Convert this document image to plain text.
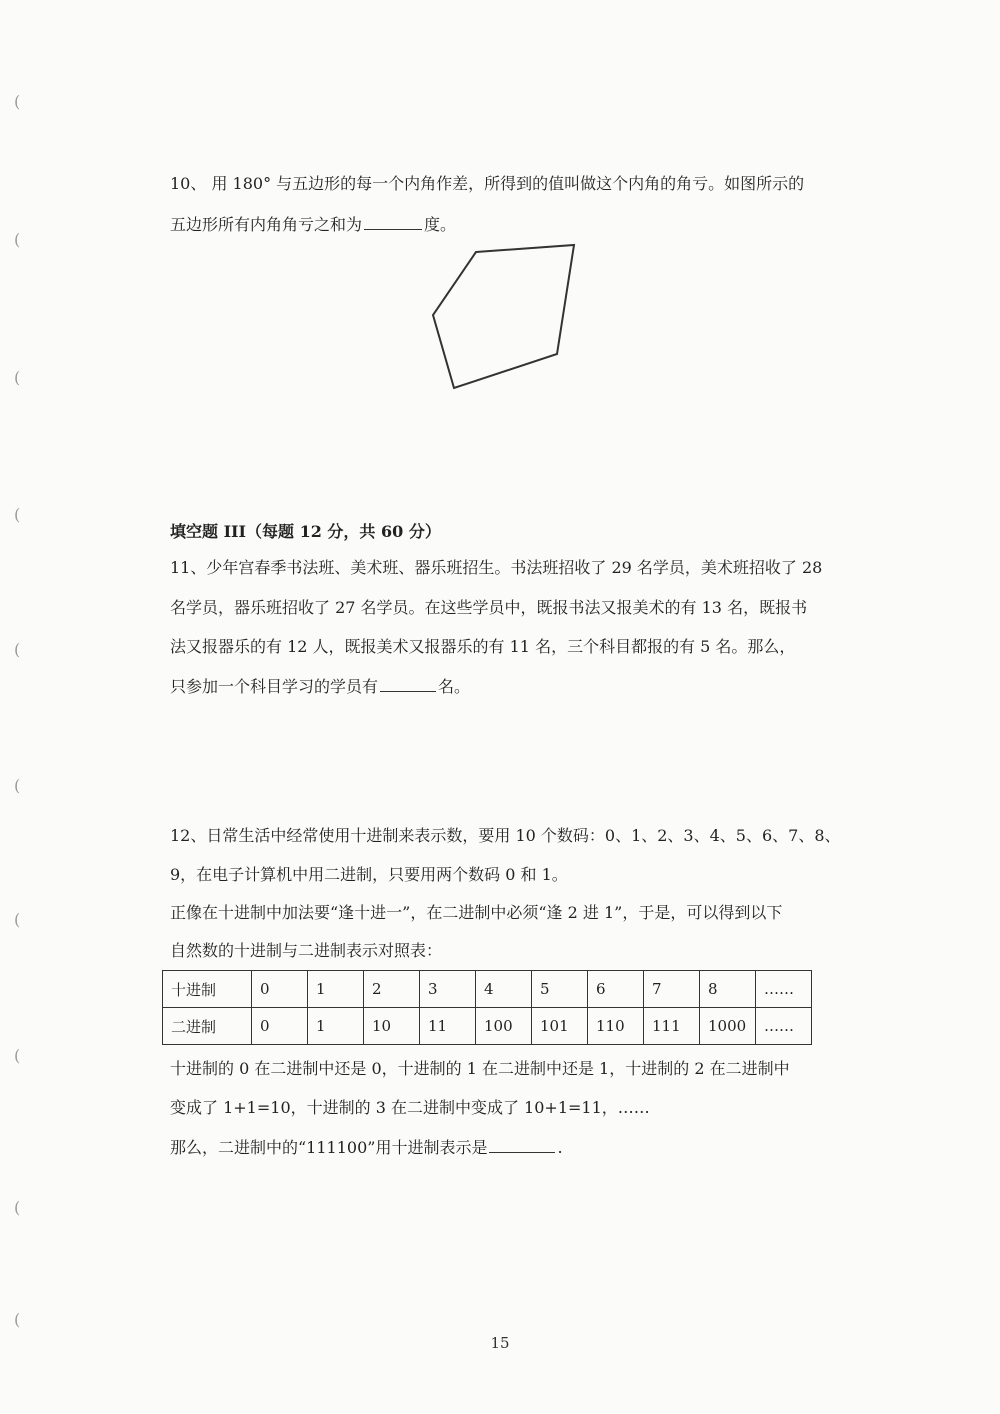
(
(
(
(
(
(
(
(
(
(
10、 用 180° 与五边形的每一个内角作差，所得到的值叫做这个内角的角亏。如图所示的
五边形所有内角角亏之和为	度。
填空题 III（每题 12 分，共 60 分）
11、少年宫春季书法班、美术班、器乐班招生。书法班招收了 29 名学员，美术班招收了 28
名学员，器乐班招收了 27 名学员。在这些学员中，既报书法又报美术的有 13 名，既报书
法又报器乐的有 12 人，既报美术又报器乐的有 11 名，三个科目都报的有 5 名。那么，
只参加一个科目学习的学员有	名。
12、日常生活中经常使用十进制来表示数，要用 10 个数码：0、1、2、3、4、5、6、7、8、
9，在电子计算机中用二进制，只要用两个数码 0 和 1。
正像在十进制中加法要“逢十进一”，在二进制中必须“逢 2 进 1”，于是，可以得到以下
自然数的十进制与二进制表示对照表：
十进制	0	1	2	3	4	5	6	7	8	……
二进制	0	1	10	11	100	101	110	111	1000	……
十进制的 0 在二进制中还是 0，十进制的 1 在二进制中还是 1，十进制的 2 在二进制中
变成了 1+1=10，十进制的 3 在二进制中变成了 10+1=11，……
那么，二进制中的“111100”用十进制表示是	.
15
